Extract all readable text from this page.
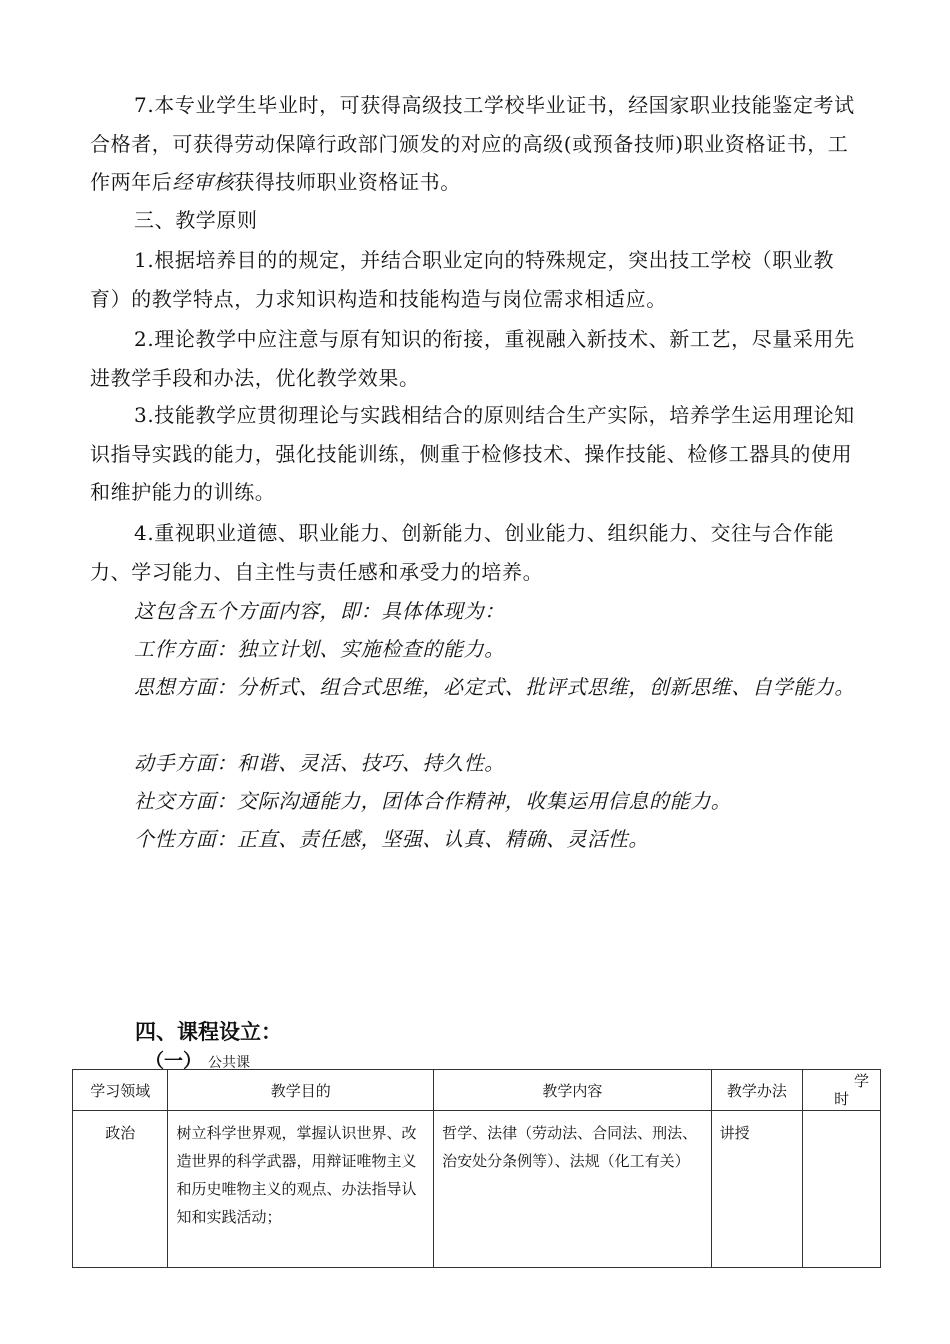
7.本专业学生毕业时，可获得高级技工学校毕业证书，经国家职业技能鉴定考试合格者，可获得劳动保障行政部门颁发的对应的高级(或预备技师)职业资格证书，工作两年后经审核获得技师职业资格证书。

三、教学原则

1.根据培养目的的规定，并结合职业定向的特殊规定，突出技工学校（职业教育）的教学特点，力求知识构造和技能构造与岗位需求相适应。

2.理论教学中应注意与原有知识的衔接，重视融入新技术、新工艺，尽量采用先进教学手段和办法，优化教学效果。

3.技能教学应贯彻理论与实践相结合的原则结合生产实际，培养学生运用理论知识指导实践的能力，强化技能训练，侧重于检修技术、操作技能、检修工器具的使用和维护能力的训练。

4.重视职业道德、职业能力、创新能力、创业能力、组织能力、交往与合作能力、学习能力、自主性与责任感和承受力的培养。

这包含五个方面内容，即：具体体现为：

工作方面：独立计划、实施检查的能力。

思想方面：分析式、组合式思维，必定式、批评式思维，创新思维、自学能力。

动手方面：和谐、灵活、技巧、持久性。

社交方面：交际沟通能力，团体合作精神，收集运用信息的能力。

个性方面：正直、责任感，坚强、认真、精确、灵活性。

四、课程设立：

（一） 公共课

学习领域	教学目的	教学内容	教学办法	学
时

政治	树立科学世界观，掌握认识世界、改造世界的科学武器，用辩证唯物主义和历史唯物主义的观点、办法指导认知和实践活动；	哲学、法律（劳动法、合同法、刑法、治安处分条例等）、法规（化工有关）	讲授	
